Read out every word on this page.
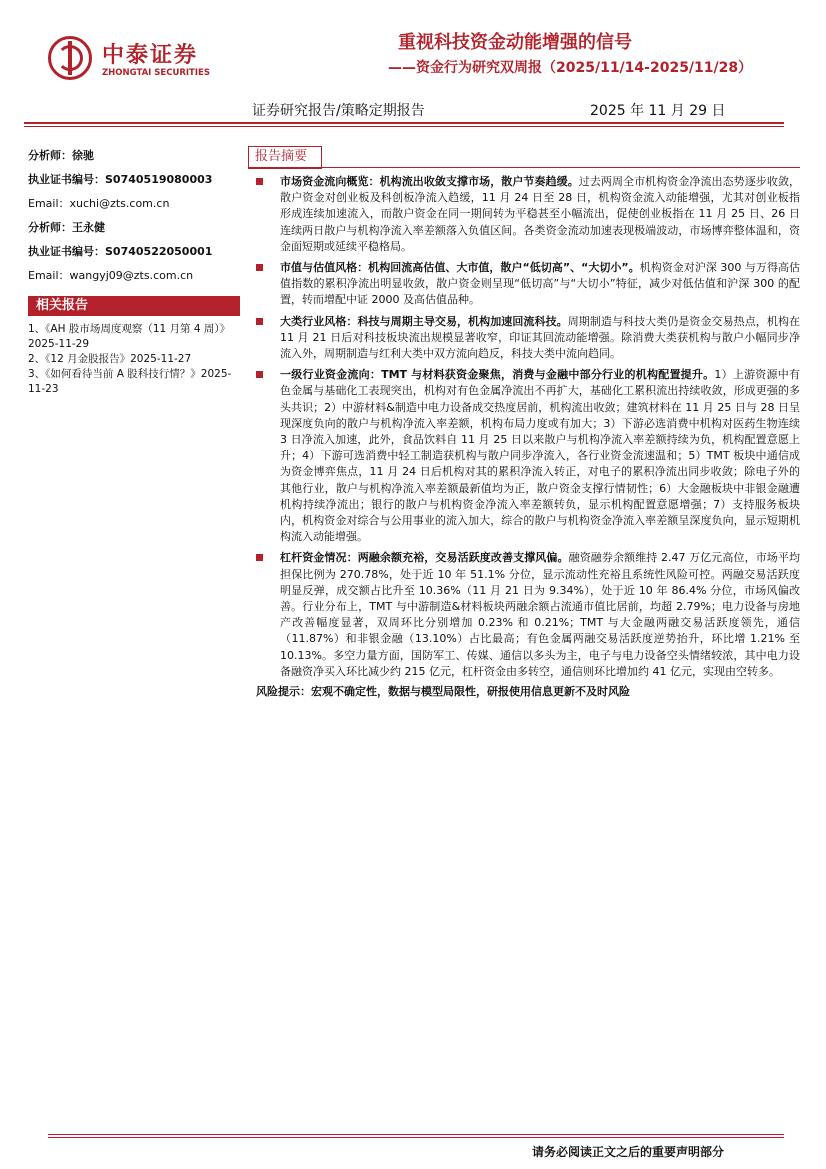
中泰证券
ZHONGTAI SECURITIES
重视科技资金动能增强的信号
——资金行为研究双周报（2025/11/14-2025/11/28）
证券研究报告/策略定期报告	2025 年 11 月 29 日
分析师：徐驰
执业证书编号：S0740519080003
Email：xuchi@zts.com.cn
分析师：王永健
执业证书编号：S0740522050001
Email：wangyj09@zts.com.cn
相关报告
1、《AH 股市场周度观察（11 月第 4 周）》2025-11-29
2、《12 月金股报告》2025-11-27
3、《如何看待当前 A 股科技行情？》2025-11-23
报告摘要
市场资金流向概览：机构流出收敛支撑市场，散户节奏趋缓。过去两周全市机构资金净流出态势逐步收敛，散户资金对创业板及科创板净流入趋缓，11 月 24 日至 28 日，机构资金流入动能增强，尤其对创业板指形成连续加速流入，而散户资金在同一期间转为平稳甚至小幅流出，促使创业板指在 11 月 25 日、26 日连续两日散户与机构净流入率差额落入负值区间。各类资金流动加速表现极端波动，市场博弈整体温和，资金面短期或延续平稳格局。
市值与估值风格：机构回流高估值、大市值，散户“低切高”、“大切小”。机构资金对沪深 300 与万得高估值指数的累积净流出明显收敛，散户资金则呈现“低切高”与“大切小”特征，减少对低估值和沪深 300 的配置，转而增配中证 2000 及高估值品种。
大类行业风格：科技与周期主导交易，机构加速回流科技。周期制造与科技大类仍是资金交易热点，机构在 11 月 21 日后对科技板块流出规模显著收窄，印证其回流动能增强。除消费大类获机构与散户小幅同步净流入外，周期制造与红利大类中双方流向趋反，科技大类中流向趋同。
一级行业资金流向：TMT 与材料获资金聚焦，消费与金融中部分行业的机构配置提升。1）上游资源中有色金属与基础化工表现突出，机构对有色金属净流出不再扩大，基础化工累积流出持续收敛，形成更强的多头共识；2）中游材料&制造中电力设备成交热度居前，机构流出收敛；建筑材料在 11 月 25 日与 28 日呈现深度负向的散户与机构净流入率差额，机构布局力度或有加大；3）下游必选消费中机构对医药生物连续 3 日净流入加速，此外，食品饮料自 11 月 25 日以来散户与机构净流入率差额持续为负，机构配置意愿上升；4）下游可选消费中轻工制造获机构与散户同步净流入，各行业资金流速温和；5）TMT 板块中通信成为资金博弈焦点，11 月 24 日后机构对其的累积净流入转正，对电子的累积净流出同步收敛；除电子外的其他行业，散户与机构净流入率差额最新值均为正，散户资金支撑行情韧性；6）大金融板块中非银金融遭机构持续净流出；银行的散户与机构资金净流入率差额转负，显示机构配置意愿增强；7）支持服务板块内，机构资金对综合与公用事业的流入加大，综合的散户与机构资金净流入率差额呈深度负向，显示短期机构流入动能增强。
杠杆资金情况：两融余额充裕，交易活跃度改善支撑风偏。融资融券余额维持 2.47 万亿元高位，市场平均担保比例为 270.78%，处于近 10 年 51.1% 分位，显示流动性充裕且系统性风险可控。两融交易活跃度明显反弹，成交额占比升至 10.36%（11 月 21 日为 9.34%），处于近 10 年 86.4% 分位，市场风偏改善。行业分布上，TMT 与中游制造&材料板块两融余额占流通市值比居前，均超 2.79%；电力设备与房地产改善幅度显著，双周环比分别增加 0.23% 和 0.21%；TMT 与大金融两融交易活跃度领先，通信（11.87%）和非银金融（13.10%）占比最高；有色金属两融交易活跃度逆势抬升，环比增 1.21% 至 10.13%。多空力量方面，国防军工、传媒、通信以多头为主，电子与电力设备空头情绪较浓，其中电力设备融资净买入环比减少约 215 亿元，杠杆资金由多转空，通信则环比增加约 41 亿元，实现由空转多。
风险提示：宏观不确定性，数据与模型局限性，研报使用信息更新不及时风险
请务必阅读正文之后的重要声明部分
